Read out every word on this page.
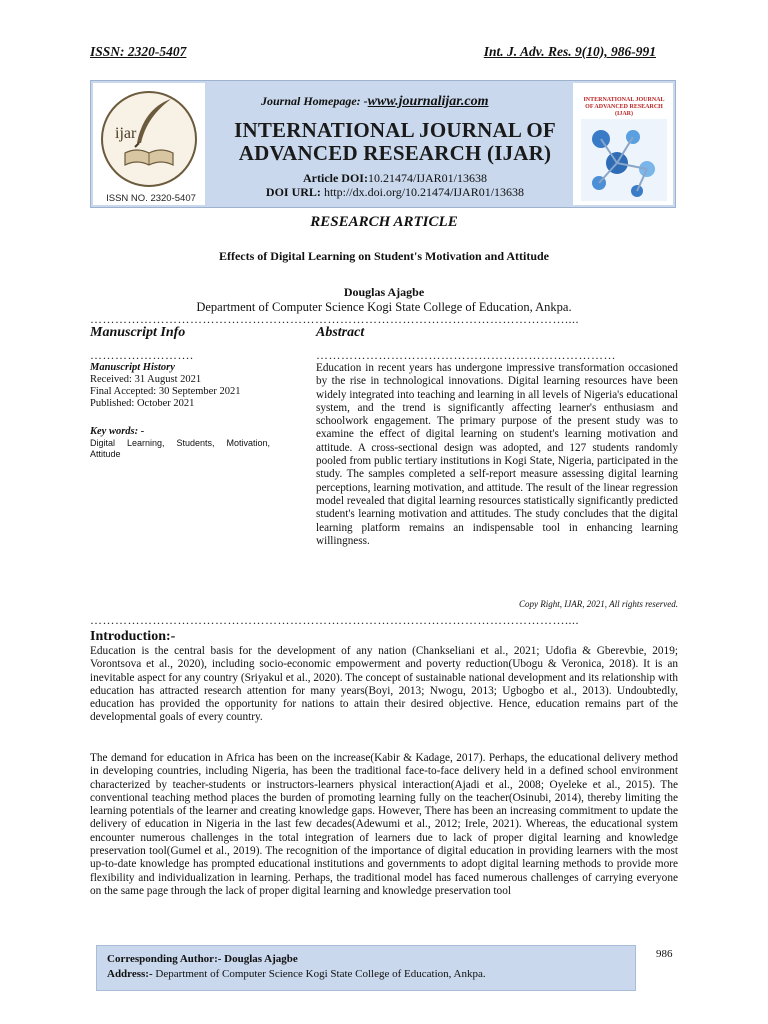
ISSN: 2320-5407	Int. J. Adv. Res. 9(10), 986-991
ijar
ISSN NO. 2320-5407
Journal Homepage: -www.journalijar.com
INTERNATIONAL JOURNAL OF ADVANCED RESEARCH (IJAR)
Article DOI:10.21474/IJAR01/13638
DOI URL: http://dx.doi.org/10.21474/IJAR01/13638
INTERNATIONAL JOURNAL OF ADVANCED RESEARCH (IJAR)
RESEARCH ARTICLE
Effects of Digital Learning on Student's Motivation and Attitude
Douglas Ajagbe
Department of Computer Science Kogi State College of Education, Ankpa.
……………………………………………………………………………………………………....
Manuscript Info	Abstract
…………………….	………………………………………………………………
Manuscript History
Received: 31 August 2021
Final Accepted: 30 September 2021
Published: October 2021
Key words: -
Digital Learning, Students, Motivation, Attitude
Education in recent years has undergone impressive transformation occasioned by the rise in technological innovations. Digital learning resources have been widely integrated into teaching and learning in all levels of Nigeria's educational system, and the trend is significantly affecting learner's enthusiasm and schoolwork engagement. The primary purpose of the present study was to examine the effect of digital learning on student's learning motivation and attitude. A cross-sectional design was adopted, and 127 students randomly pooled from public tertiary institutions in Kogi State, Nigeria, participated in the study. The samples completed a self-report measure assessing digital learning perceptions, learning motivation, and attitude. The result of the linear regression model revealed that digital learning resources statistically significantly predicted student's learning motivation and attitudes. The study concludes that the digital learning platform remains an indispensable tool in enhancing learning willingness.
Copy Right, IJAR, 2021, All rights reserved.
……………………………………………………………………………………………………....
Introduction:-
Education is the central basis for the development of any nation (Chankseliani et al., 2021; Udofia & Gberevbie, 2019; Vorontsova et al., 2020), including socio-economic empowerment and poverty reduction(Ubogu & Veronica, 2018). It is an inevitable aspect for any country (Sriyakul et al., 2020). The concept of sustainable national development and its relationship with education has attracted research attention for many years(Boyi, 2013; Nwogu, 2013; Ugbogbo et al., 2013). Undoubtedly, education has provided the opportunity for nations to attain their desired objective. Hence, education remains part of the developmental goals of every country.
The demand for education in Africa has been on the increase(Kabir & Kadage, 2017). Perhaps, the educational delivery method in developing countries, including Nigeria, has been the traditional face-to-face delivery held in a defined school environment characterized by teacher-students or instructors-learners physical interaction(Ajadi et al., 2008; Oyeleke et al., 2015). The conventional teaching method places the burden of promoting learning fully on the teacher(Osinubi, 2014), thereby limiting the learning potentials of the learner and creating knowledge gaps. However, There has been an increasing commitment to update the delivery of education in Nigeria in the last few decades(Adewumi et al., 2012; Irele, 2021). Whereas, the educational system encounter numerous challenges in the total integration of learners due to lack of proper digital learning and knowledge preservation tool(Gumel et al., 2019). The recognition of the importance of digital education in providing learners with the most up-to-date knowledge has prompted educational institutions and governments to adopt digital learning methods to provide more flexibility and individualization in learning. Perhaps, the traditional model has faced numerous challenges of carrying everyone on the same page through the lack of proper digital learning and knowledge preservation tool
Corresponding Author:- Douglas Ajagbe
Address:- Department of Computer Science Kogi State College of Education, Ankpa.
986
